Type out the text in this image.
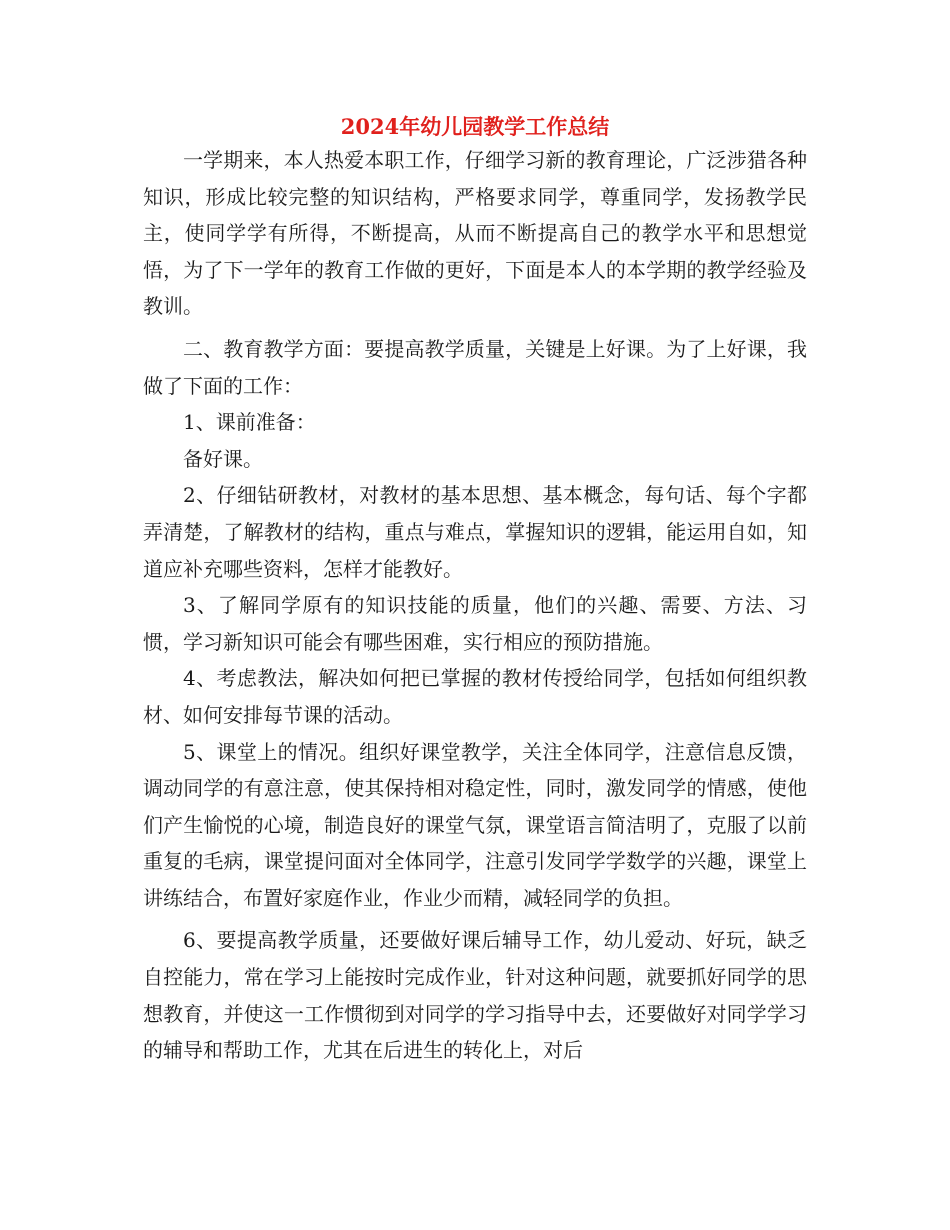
2024年幼儿园教学工作总结

一学期来，本人热爱本职工作，仔细学习新的教育理论，广泛涉猎各种知识，形成比较完整的知识结构，严格要求同学，尊重同学，发扬教学民主，使同学学有所得，不断提高，从而不断提高自己的教学水平和思想觉悟，为了下一学年的教育工作做的更好，下面是本人的本学期的教学经验及教训。

二、教育教学方面：要提高教学质量，关键是上好课。为了上好课，我做了下面的工作：

1、课前准备：

备好课。

2、仔细钻研教材，对教材的基本思想、基本概念，每句话、每个字都弄清楚，了解教材的结构，重点与难点，掌握知识的逻辑，能运用自如，知道应补充哪些资料，怎样才能教好。

3、了解同学原有的知识技能的质量，他们的兴趣、需要、方法、习惯，学习新知识可能会有哪些困难，实行相应的预防措施。

4、考虑教法，解决如何把已掌握的教材传授给同学，包括如何组织教材、如何安排每节课的活动。

5、课堂上的情况。组织好课堂教学，关注全体同学，注意信息反馈，调动同学的有意注意，使其保持相对稳定性，同时，激发同学的情感，使他们产生愉悦的心境，制造良好的课堂气氛，课堂语言简洁明了，克服了以前重复的毛病，课堂提问面对全体同学，注意引发同学学数学的兴趣，课堂上讲练结合，布置好家庭作业，作业少而精，减轻同学的负担。

6、要提高教学质量，还要做好课后辅导工作，幼儿爱动、好玩，缺乏自控能力，常在学习上能按时完成作业，针对这种问题，就要抓好同学的思想教育，并使这一工作惯彻到对同学的学习指导中去，还要做好对同学学习的辅导和帮助工作，尤其在后进生的转化上，对后
